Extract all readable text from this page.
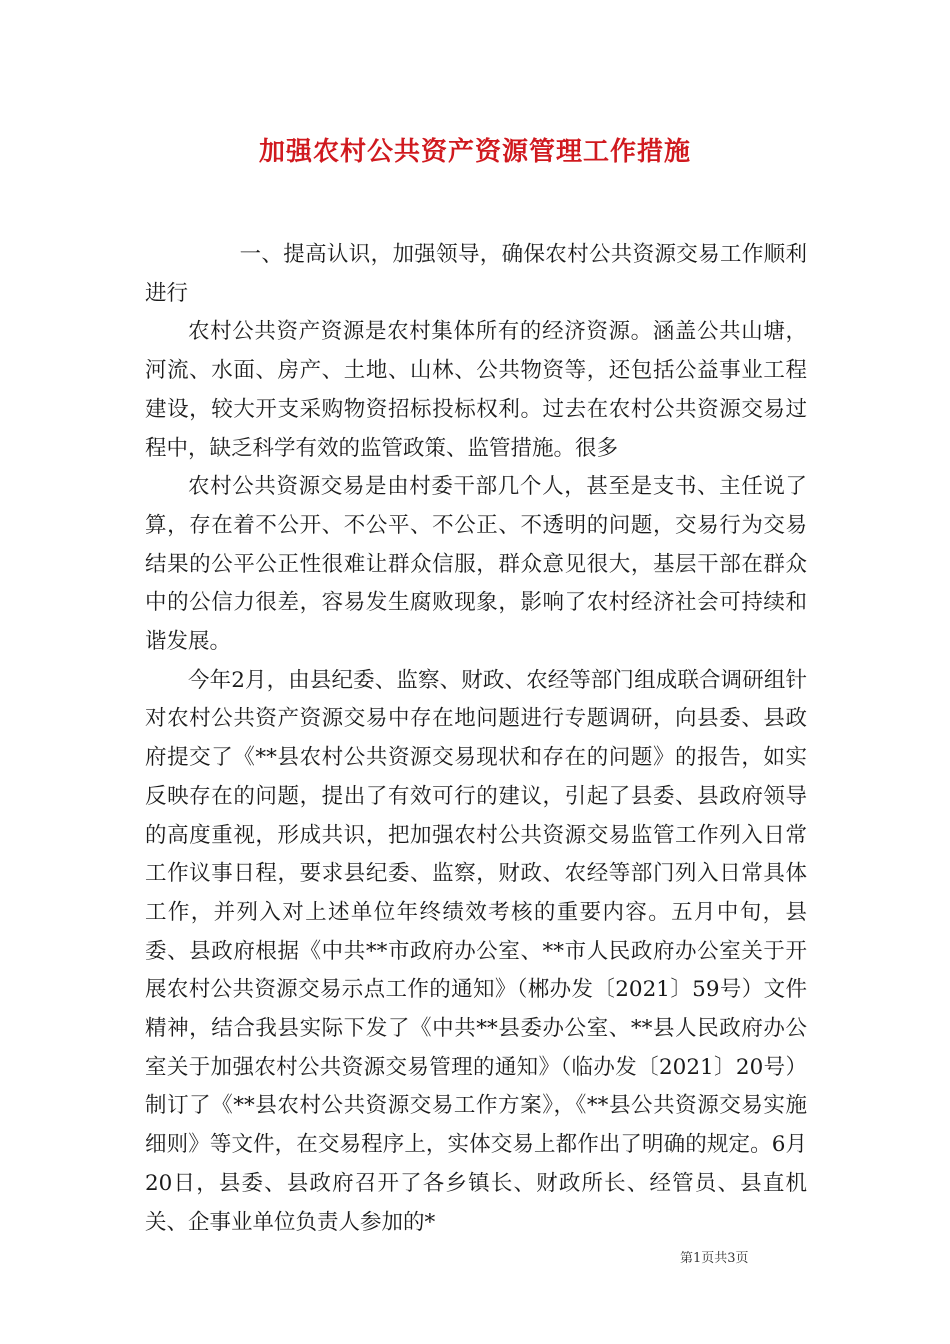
加强农村公共资产资源管理工作措施

一、提高认识，加强领导，确保农村公共资源交易工作顺利进行

农村公共资产资源是农村集体所有的经济资源。涵盖公共山塘，河流、水面、房产、土地、山林、公共物资等，还包括公益事业工程建设，较大开支采购物资招标投标权利。过去在农村公共资源交易过程中，缺乏科学有效的监管政策、监管措施。很多

农村公共资源交易是由村委干部几个人，甚至是支书、主任说了算，存在着不公开、不公平、不公正、不透明的问题，交易行为交易结果的公平公正性很难让群众信服，群众意见很大，基层干部在群众中的公信力很差，容易发生腐败现象，影响了农村经济社会可持续和谐发展。

今年2月，由县纪委、监察、财政、农经等部门组成联合调研组针对农村公共资产资源交易中存在地问题进行专题调研，向县委、县政府提交了《**县农村公共资源交易现状和存在的问题》的报告，如实反映存在的问题，提出了有效可行的建议，引起了县委、县政府领导的高度重视，形成共识，把加强农村公共资源交易监管工作列入日常工作议事日程，要求县纪委、监察，财政、农经等部门列入日常具体工作，并列入对上述单位年终绩效考核的重要内容。五月中旬，县委、县政府根据《中共**市政府办公室、**市人民政府办公室关于开展农村公共资源交易示点工作的通知》（郴办发〔2021〕59号）文件精神，结合我县实际下发了《中共**县委办公室、**县人民政府办公室关于加强农村公共资源交易管理的通知》（临办发〔2021〕20号）制订了《**县农村公共资源交易工作方案》，《**县公共资源交易实施细则》等文件，在交易程序上，实体交易上都作出了明确的规定。6月20日，县委、县政府召开了各乡镇长、财政所长、经管员、县直机关、企事业单位负责人参加的*

第1页共3页
